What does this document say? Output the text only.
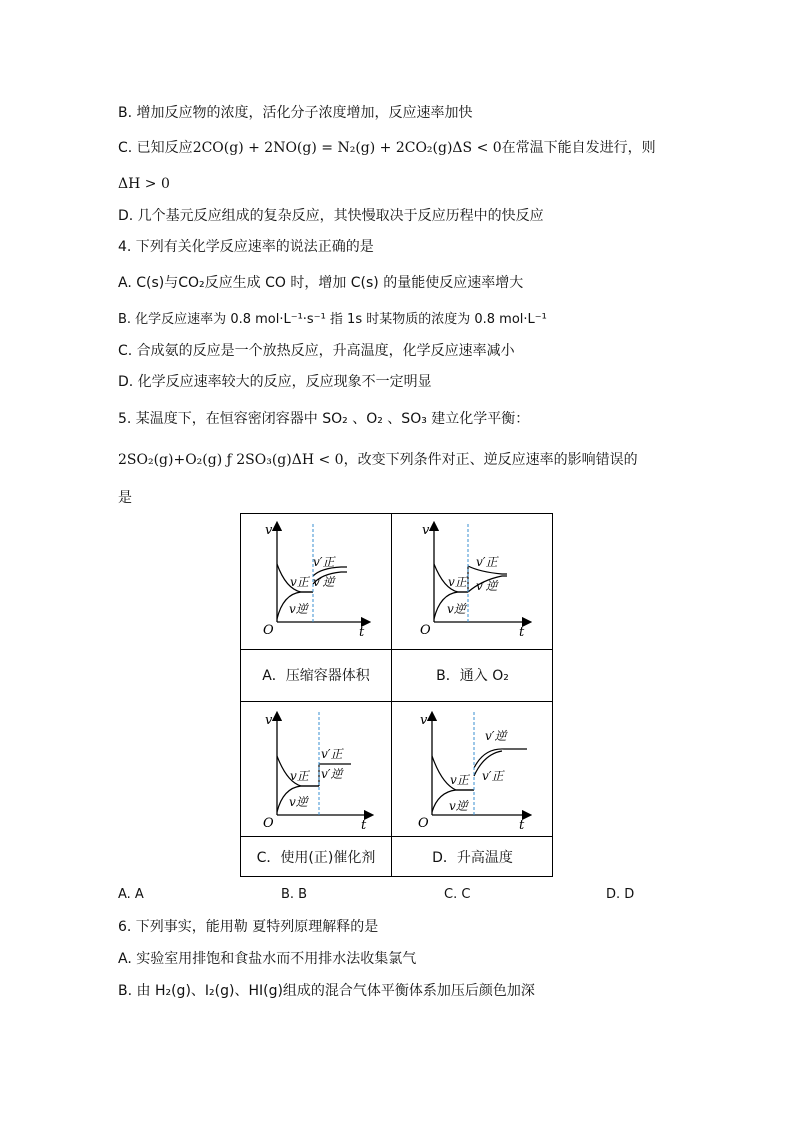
B. 增加反应物的浓度，活化分子浓度增加，反应速率加快
C. 已知反应2CO(g) + 2NO(g) = N₂(g) + 2CO₂(g)ΔS < 0在常温下能自发进行，则
ΔH > 0
D. 几个基元反应组成的复杂反应，其快慢取决于反应历程中的快反应
4. 下列有关化学反应速率的说法正确的是
A. C(s)与CO₂反应生成 CO 时，增加 C(s) 的量能使反应速率增大
B. 化学反应速率为 0.8 mol·L⁻¹·s⁻¹ 指 1s 时某物质的浓度为 0.8 mol·L⁻¹
C. 合成氨的反应是一个放热反应，升高温度，化学反应速率减小
D. 化学反应速率较大的反应，反应现象不一定明显
5. 某温度下，在恒容密闭容器中 SO₂ 、O₂ 、SO₃ 建立化学平衡：
2SO₂(g)+O₂(g) ƒ 2SO₃(g)ΔH < 0，改变下列条件对正、逆反应速率的影响错误的
是
v
t
O
v正
v逆
v′正
v′逆
v
t
O
v正
v逆
v′正
v′逆
A．压缩容器体积	B．通入 O₂
v
t
O
v正
v逆
v′正
v′逆
v
t
O
v正
v逆
v′逆
v′正
C．使用(正)催化剂	D．升高温度
A. A	B. B	C. C	D. D
6. 下列事实，能用勒 夏特列原理解释的是
A. 实验室用排饱和食盐水而不用排水法收集氯气
B. 由 H₂(g)、I₂(g)、HI(g)组成的混合气体平衡体系加压后颜色加深
